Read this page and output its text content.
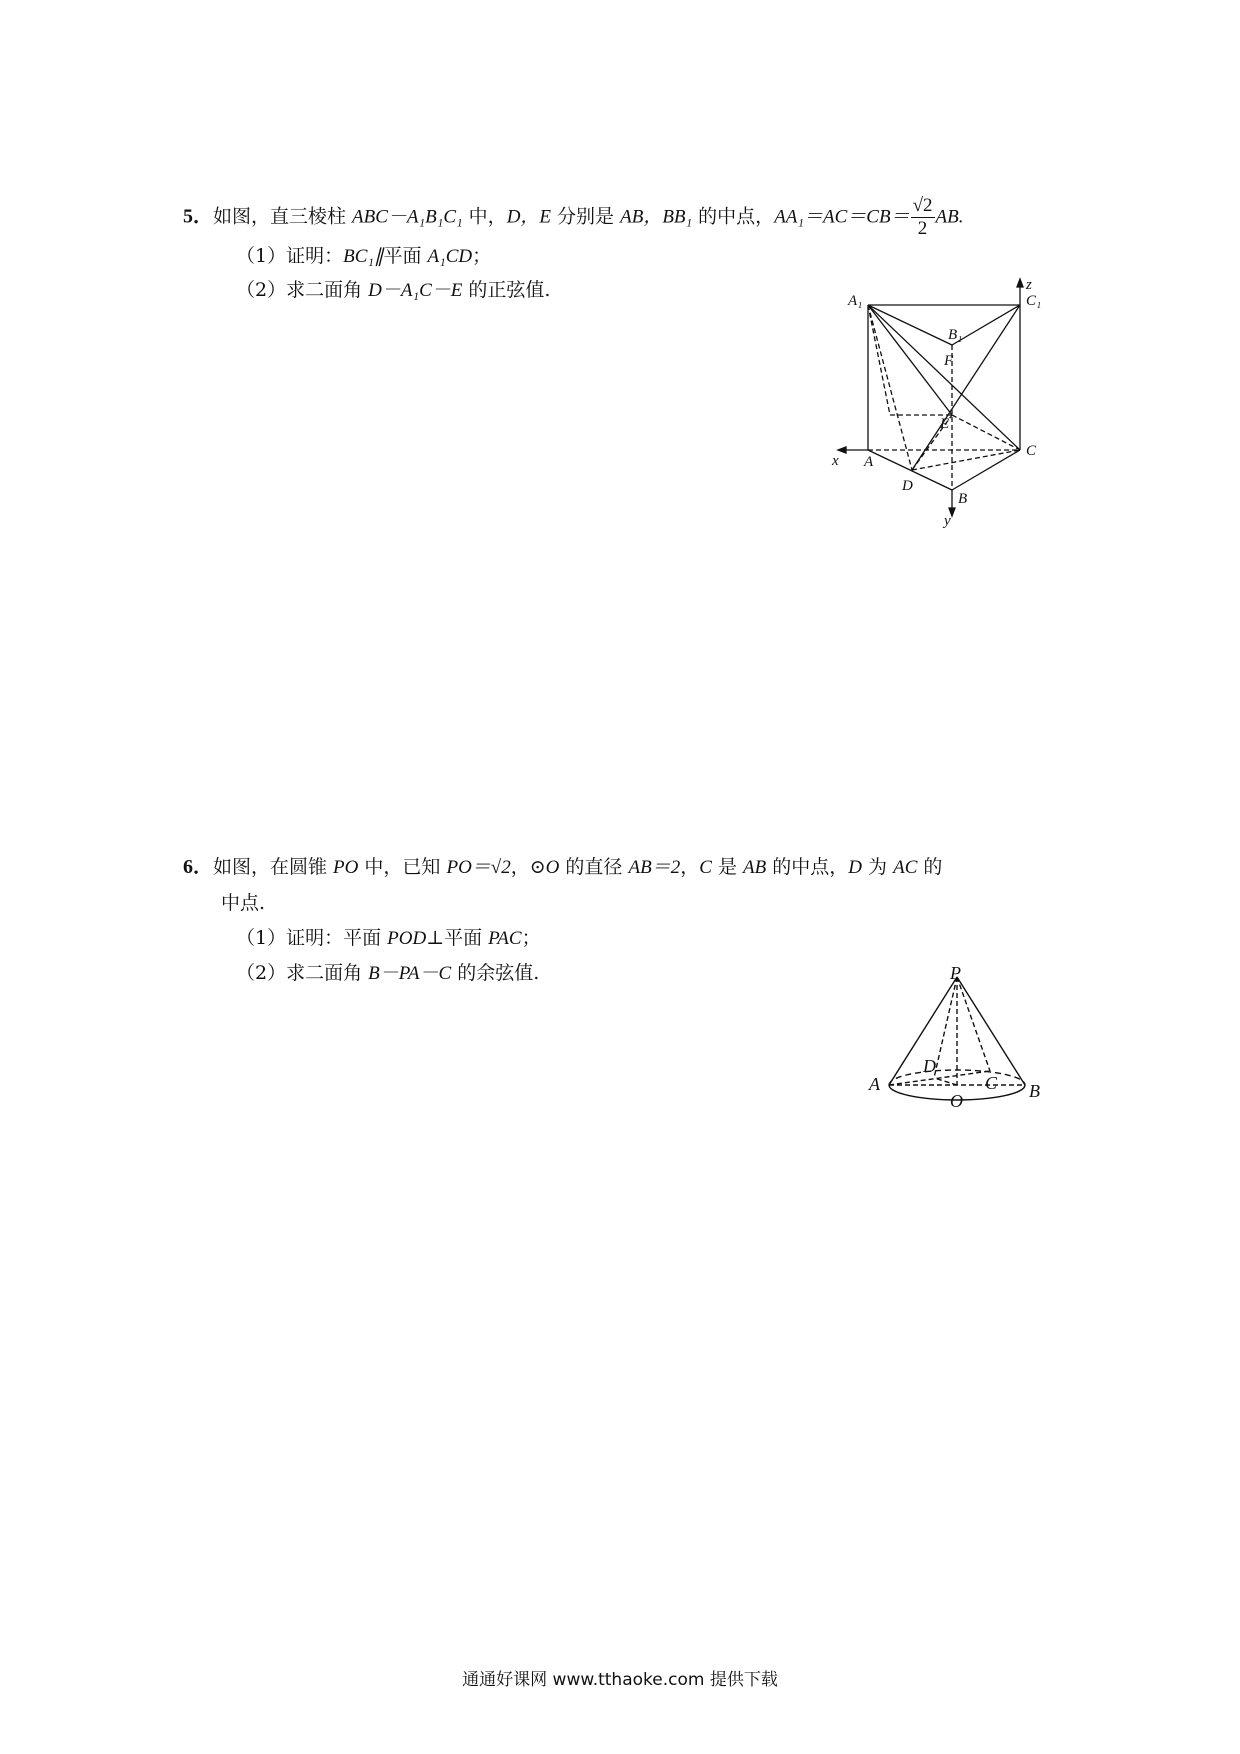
5．如图，直三棱柱 ABC－A₁B₁C₁ 中，D，E 分别是 AB，BB₁ 的中点，$AA_1=AC=CB= \frac{√2}{2}$ AB.
（1）证明：BC₁∥平面 A₁CD；
（2）求二面角 D－A₁C－E 的正弦值.	A₁	C₁
B₁
F
E
A
C
D
B
x
y
z
6．如图，在圆锥 PO 中，已知 PO＝√2，⊙O 的直径 AB＝2，C 是 AB 的中点，D 为 AC 的
中点.
（1）证明：平面 POD⊥平面 PAC；
（2）求二面角 B－PA－C 的余弦值.	P
D
C
A
O	B
通通好课网 www.tthaoke.com 提供下载
